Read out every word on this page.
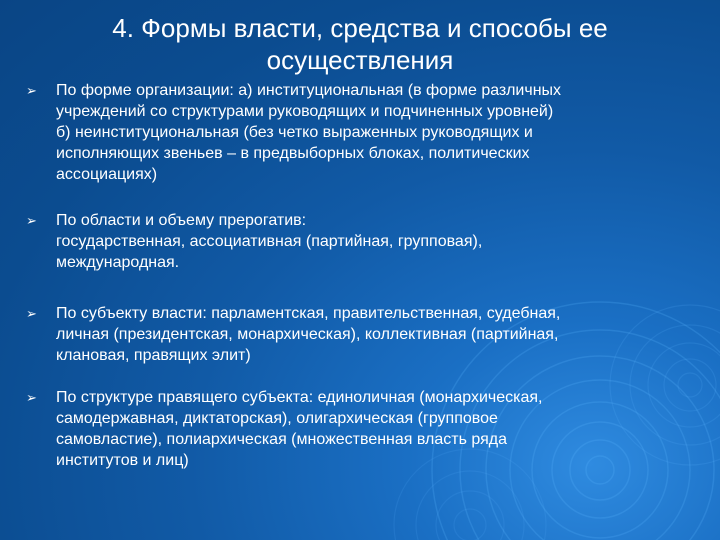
4. Формы власти, средства и способы ее осуществления
➢ По форме организации: а) институциональная (в форме различных
учреждений со структурами руководящих и подчиненных уровней)
б) неинституциональная (без четко выраженных руководящих и
исполняющих звеньев – в предвыборных блоках, политических
ассоциациях)

➢ По области и объему прерогатив:
государственная, ассоциативная (партийная, групповая),
международная.

➢ По субъекту власти: парламентская, правительственная, судебная,
личная (президентская, монархическая), коллективная (партийная,
клановая, правящих элит)

➢ По структуре правящего субъекта: единоличная (монархическая,
самодержавная, диктаторская), олигархическая (групповое
самовластие), полиархическая (множественная власть ряда
институтов и лиц)
